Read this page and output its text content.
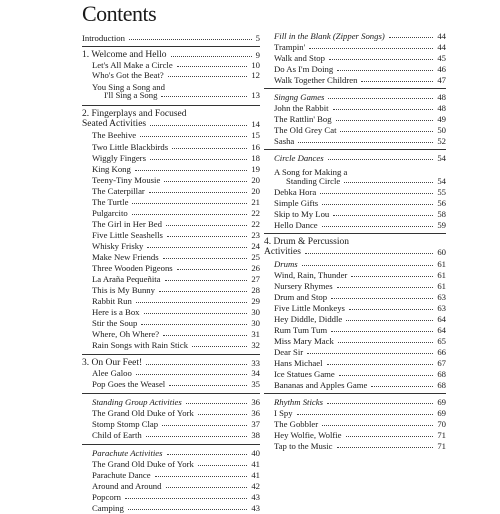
Contents
Introduction	5
1. Welcome and Hello	9
Let's All Make a Circle	10
Who's Got the Beat?	12
You Sing a Song and
I'll Sing a Song	13
2. Fingerplays and Focused
Seated Activities	14
The Beehive	15
Two Little Blackbirds	16
Wiggly Fingers	18
King Kong	19
Teeny-Tiny Mousie	20
The Caterpillar	20
The Turtle	21
Pulgarcito	22
The Girl in Her Bed	22
Five Little Seashells	23
Whisky Frisky	24
Make New Friends	25
Three Wooden Pigeons	26
La Araña Pequeñita	27
This is My Bunny	28
Rabbit Run	29
Here is a Box	30
Stir the Soup	30
Where, Oh Where?	31
Rain Songs with Rain Stick	32
3. On Our Feet!	33
Alee Galoo	34
Pop Goes the Weasel	35
Standing Group Activities	36
The Grand Old Duke of York	36
Stomp Stomp Clap	37
Child of Earth	38
Parachute Activities	40
The Grand Old Duke of York	41
Parachute Dance	41
Around and Around	42
Popcorn	43
Camping	43
Fill in the Blank (Zipper Songs)	44
Trampin'	44
Walk and Stop	45
Do As I'm Doing	46
Walk Together Children	47
Singng Games	48
John the Rabbit	48
The Rattlin' Bog	49
The Old Grey Cat	50
Sasha	52
Circle Dances	54
A Song for Making a
Standing Circle	54
Debka Hora	55
Simple Gifts	56
Skip to My Lou	58
Hello Dance	59
4. Drum & Percussion
Activities	60
Drums	61
Wind, Rain, Thunder	61
Nursery Rhymes	61
Drum and Stop	63
Five Little Monkeys	63
Hey Diddle, Diddle	64
Rum Tum Tum	64
Miss Mary Mack	65
Dear Sir	66
Hans Michael	67
Ice Statues Game	68
Bananas and Apples Game	68
Rhythm Sticks	69
I Spy	69
The Gobbler	70
Hey Wolfie, Wolfie	71
Tap to the Music	71
